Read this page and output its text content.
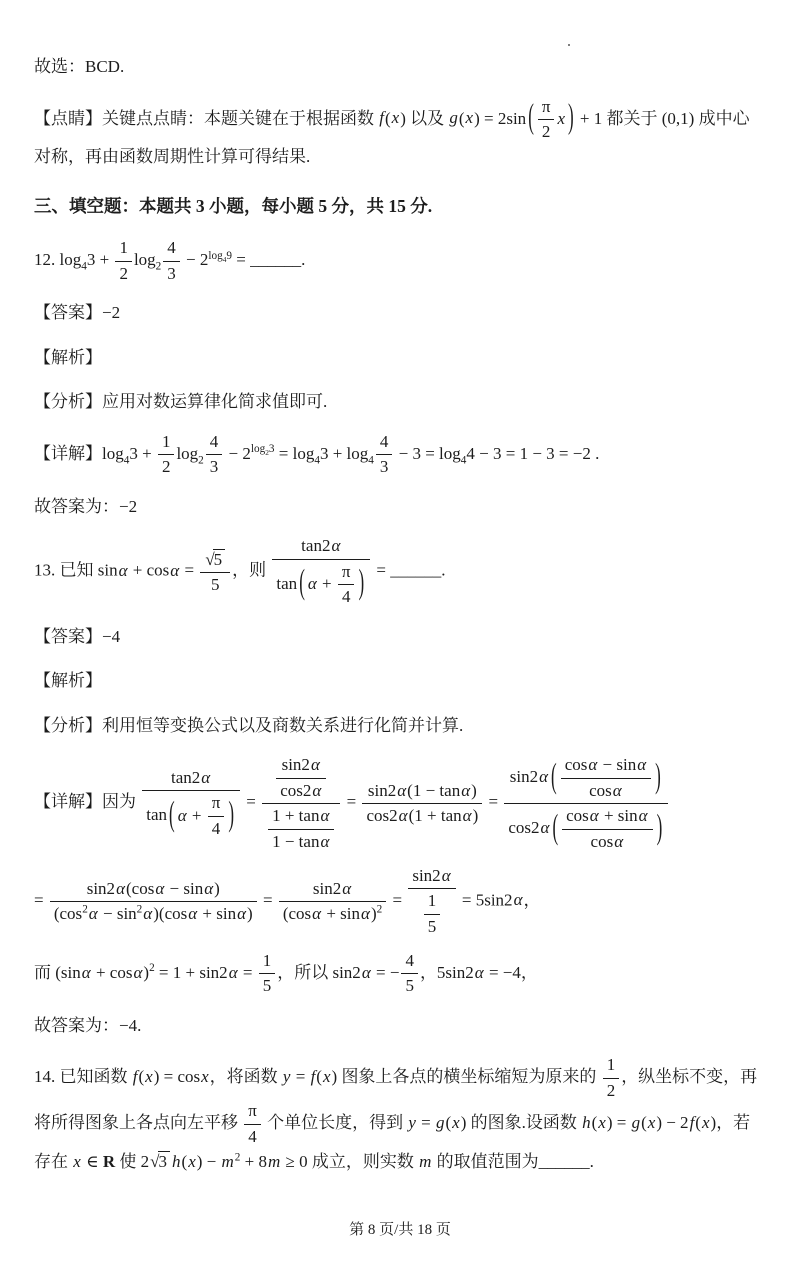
故选：BCD.
【点睛】关键点点睛：本题关键在于根据函数 f(x) 以及 g(x) = 2sin ( $\frac{\pi}{2}$ x ) + 1 都关于 (0,1) 成中心对称，再由函数周期性计算可得结果.
三、填空题：本题共 3 小题，每小题 5 分，共 15 分.
12. $\log_43 + \frac{1}{2} \log_2 \frac{4}{3} - 2^{log_49}$ = ______.
【答案】−2
【解析】
【分析】应用对数运算律化简求值即可.
【详解】$\log_43 + \frac{1}{2} \log_2 \frac{4}{3} - 2^{log_23} = \log_43 + \log_4 \frac{4}{3} - 3 = \log_44 - 3 = 1 - 3 = -2$ .
故答案为：−2
13. 已知 $\sin\alpha + \cos\alpha = \frac{√5}{5}$ ，则 $\frac{\tan 2\alpha}{\tan ( \alpha + \frac{\pi}{4} )}$ = ______.
【答案】−4
【解析】
【分析】利用恒等变换公式以及商数关系进行化简并计算.
【详解】因为 $\frac{\tan 2\alpha}{\tan ( \alpha + \frac{\pi}{4} )} = \frac{\frac{\sin 2\alpha}{\cos 2\alpha}}{\frac{1 + \tan\alpha}{1 - \tan\alpha}} = \frac{\sin 2\alpha(1 - \tan\alpha)}{\cos 2\alpha(1 + \tan\alpha)} = \frac{\sin 2\alpha ( \frac{\cos\alpha - \sin\alpha}{\cos\alpha} )}{\cos 2\alpha ( \frac{\cos\alpha + \sin\alpha}{\cos\alpha} )}$
= $\frac{\sin 2\alpha(\cos\alpha - \sin\alpha)}{(\cos^2\alpha - \sin^2\alpha)(\cos\alpha + \sin\alpha)} = \frac{\sin 2\alpha}{(\cos\alpha + \sin\alpha)^2} = \frac{\sin 2\alpha}{\frac{1}{5}} = 5\sin 2\alpha$，
而 $(\sin\alpha + \cos\alpha)^2 = 1 + \sin 2\alpha = \frac{1}{5}$ ，所以 sin2α = − $\frac{4}{5}$ ，5sin2α = −4，
故答案为：−4.
14. 已知函数 f(x) = cosx，将函数 y = f(x) 图象上各点的横坐标缩短为原来的 $\frac{1}{2}$ ，纵坐标不变，再将所得图象上各点向左平移 $\frac{\pi}{4}$ 个单位长度，得到 y = g(x) 的图象.设函数 h(x) = g(x) − 2f(x)，若存在 x ∈ R 使 2√3 $h(x) - m^2 + 8m \ge 0$ 成立，则实数 m 的取值范围为______.
第 8 页/共 18 页
